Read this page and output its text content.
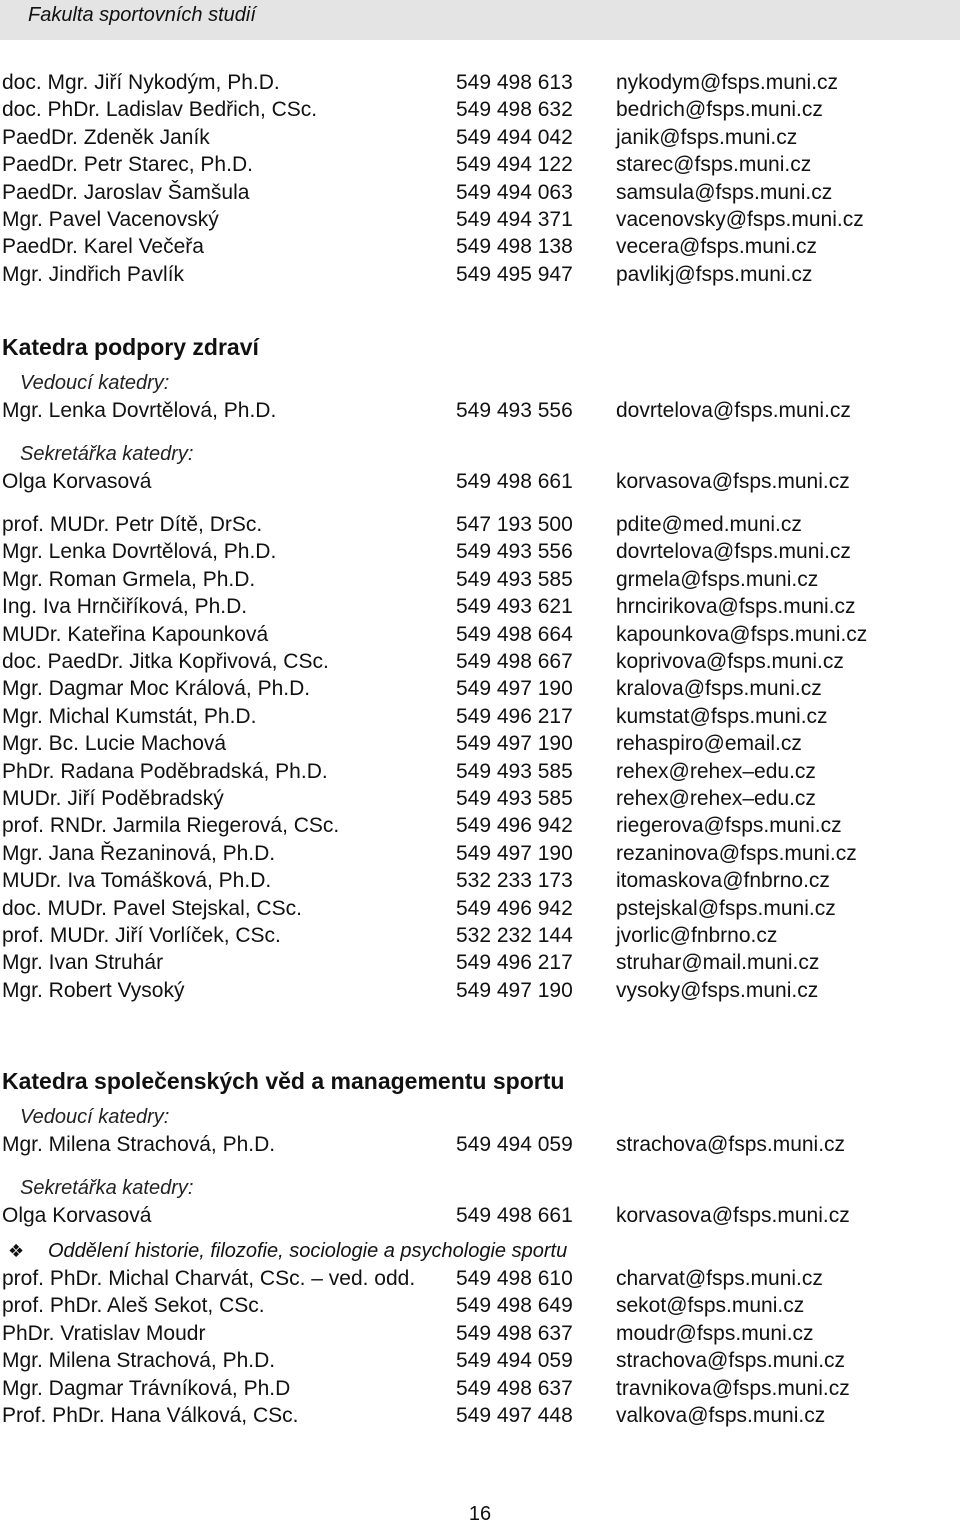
Fakulta sportovních studií
doc. Mgr. Jiří Nykodým, Ph.D.	549 498 613 nykodym@fsps.muni.cz
doc. PhDr. Ladislav Bedřich, CSc.	549 498 632 bedrich@fsps.muni.cz
PaedDr. Zdeněk Janík	549 494 042 janik@fsps.muni.cz
PaedDr. Petr Starec, Ph.D.	549 494 122 starec@fsps.muni.cz
PaedDr. Jaroslav Šamšula	549 494 063 samsula@fsps.muni.cz
Mgr. Pavel Vacenovský	549 494 371 vacenovsky@fsps.muni.cz
PaedDr. Karel Večeřa	549 498 138 vecera@fsps.muni.cz
Mgr. Jindřich Pavlík	549 495 947 pavlikj@fsps.muni.cz
Katedra podpory zdraví
Vedoucí katedry:
Mgr. Lenka Dovrtělová, Ph.D.	549 493 556 dovrtelova@fsps.muni.cz
Sekretářka katedry:
Olga Korvasová	549 498 661 korvasova@fsps.muni.cz
prof. MUDr. Petr Dítě, DrSc.	547 193 500 pdite@med.muni.cz
Mgr. Lenka Dovrtělová, Ph.D.	549 493 556 dovrtelova@fsps.muni.cz
Mgr. Roman Grmela, Ph.D.	549 493 585 grmela@fsps.muni.cz
Ing. Iva Hrnčiříková, Ph.D.	549 493 621 hrncirikova@fsps.muni.cz
MUDr. Kateřina Kapounková	549 498 664 kapounkova@fsps.muni.cz
doc. PaedDr. Jitka Kopřivová, CSc.	549 498 667 koprivova@fsps.muni.cz
Mgr. Dagmar Moc Králová, Ph.D.	549 497 190 kralova@fsps.muni.cz
Mgr. Michal Kumstát, Ph.D.	549 496 217 kumstat@fsps.muni.cz
Mgr. Bc. Lucie Machová	549 497 190 rehaspiro@email.cz
PhDr. Radana Poděbradská, Ph.D.	549 493 585 rehex@rehex–edu.cz
MUDr. Jiří Poděbradský	549 493 585 rehex@rehex–edu.cz
prof. RNDr. Jarmila Riegerová, CSc.	549 496 942 riegerova@fsps.muni.cz
Mgr. Jana Řezaninová, Ph.D.	549 497 190 rezaninova@fsps.muni.cz
MUDr. Iva Tomášková, Ph.D.	532 233 173 itomaskova@fnbrno.cz
doc. MUDr. Pavel Stejskal, CSc.	549 496 942 pstejskal@fsps.muni.cz
prof. MUDr. Jiří Vorlíček, CSc.	532 232 144 jvorlic@fnbrno.cz
Mgr. Ivan Struhár	549 496 217 struhar@mail.muni.cz
Mgr. Robert Vysoký	549 497 190 vysoky@fsps.muni.cz
Katedra společenských věd a managementu sportu
Vedoucí katedry:
Mgr. Milena Strachová, Ph.D.	549 494 059 strachova@fsps.muni.cz
Sekretářka katedry:
Olga Korvasová	549 498 661 korvasova@fsps.muni.cz
❖ Oddělení historie, filozofie, sociologie a psychologie sportu
prof. PhDr. Michal Charvát, CSc. – ved. odd. 549 498 610 charvat@fsps.muni.cz
prof. PhDr. Aleš Sekot, CSc.	549 498 649 sekot@fsps.muni.cz
PhDr. Vratislav Moudr	549 498 637 moudr@fsps.muni.cz
Mgr. Milena Strachová, Ph.D.	549 494 059 strachova@fsps.muni.cz
Mgr. Dagmar Trávníková, Ph.D	549 498 637 travnikova@fsps.muni.cz
Prof. PhDr. Hana Válková, CSc.	549 497 448 valkova@fsps.muni.cz
16
